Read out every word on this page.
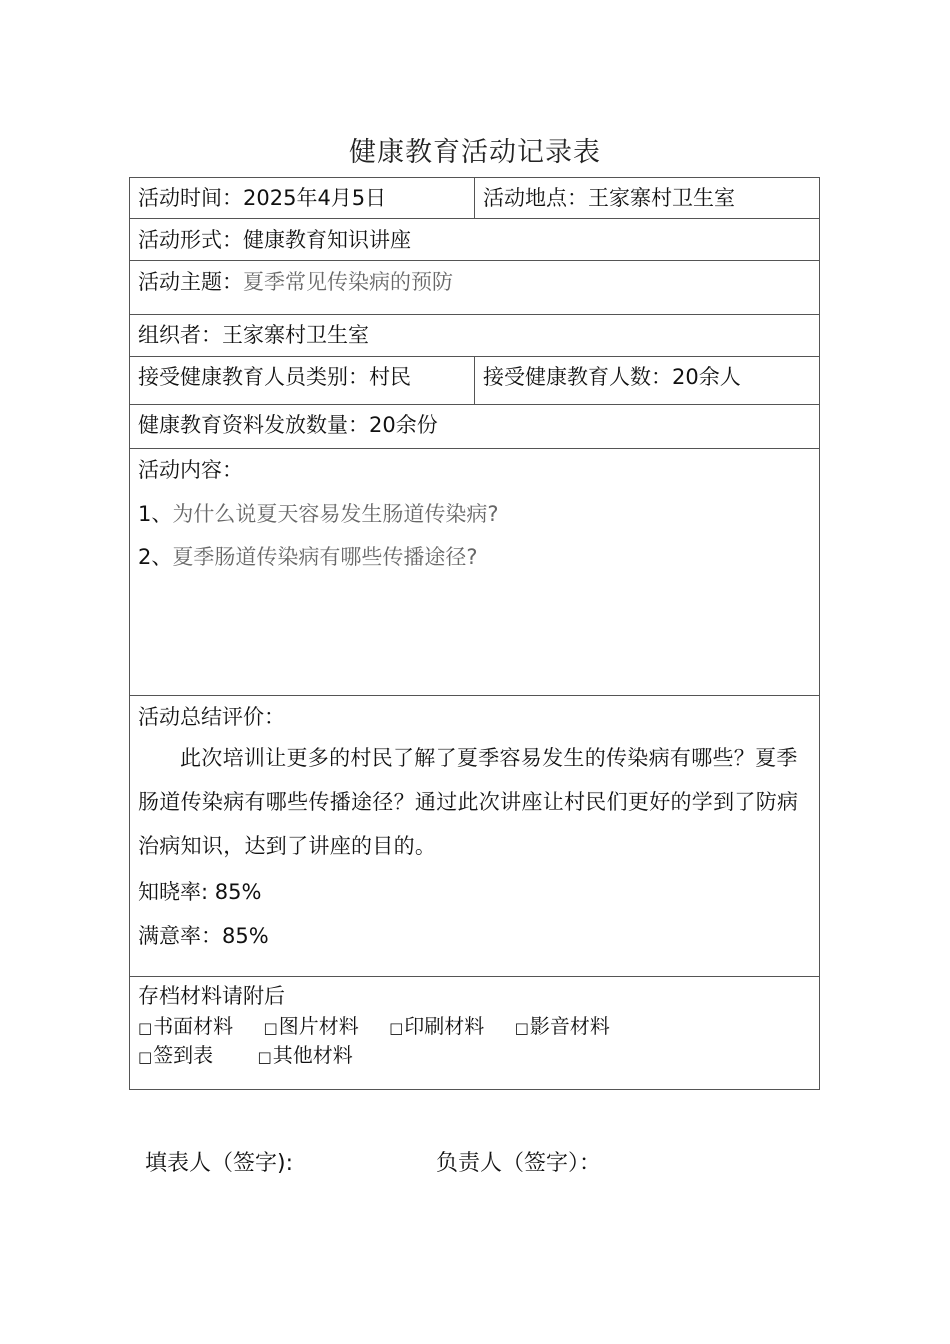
健康教育活动记录表
活动时间：2025年4月5日	活动地点：王家寨村卫生室
活动形式：健康教育知识讲座
活动主题：夏季常见传染病的预防
组织者：王家寨村卫生室
接受健康教育人员类别：村民	接受健康教育人数：20余人
健康教育资料发放数量：20余份
活动内容：
1、为什么说夏天容易发生肠道传染病?
2、夏季肠道传染病有哪些传播途径?
活动总结评价：
此次培训让更多的村民了解了夏季容易发生的传染病有哪些？夏季肠道传染病有哪些传播途径？通过此次讲座让村民们更好的学到了防病治病知识，达到了讲座的目的。
知晓率: 85%
满意率：85%
存档材料请附后
□书面材料 □图片材料 □印刷材料 □影音材料
□签到表	□其他材料
填表人（签字):	负责人（签字）：
